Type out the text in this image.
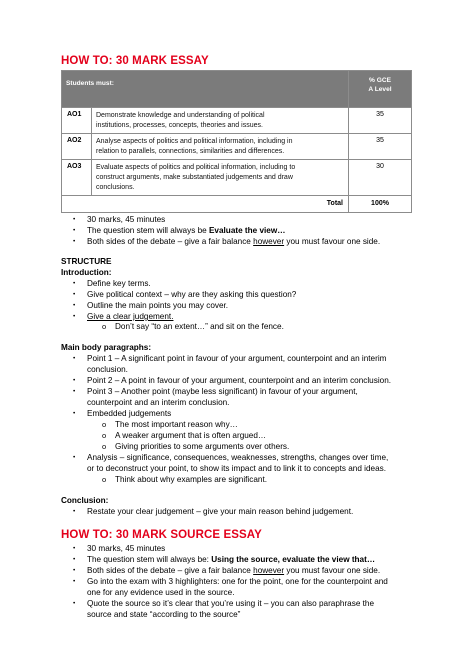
HOW TO: 30 MARK ESSAY
Students must:		% GCE
A Level

AO1	Demonstrate knowledge and understanding of political
institutions, processes, concepts, theories and issues.	35
AO2	Analyse aspects of politics and political information, including in
relation to parallels, connections, similarities and differences.	35
AO3	Evaluate aspects of politics and political information, including to
construct arguments, make substantiated judgements and draw
conclusions.	30
Total		100%
• 30 marks, 45 minutes
• The question stem will always be Evaluate the view…
• Both sides of the debate – give a fair balance however you must favour one side.
STRUCTURE
Introduction:
• Define key terms.
• Give political context – why are they asking this question?
• Outline the main points you may cover.
• Give a clear judgement.
o Don’t say “to an extent…” and sit on the fence.
Main body paragraphs:
• Point 1 – A significant point in favour of your argument, counterpoint and an interim
conclusion.
• Point 2 – A point in favour of your argument, counterpoint and an interim conclusion.
• Point 3 – Another point (maybe less significant) in favour of your argument,
counterpoint and an interim conclusion.
• Embedded judgements
o The most important reason why…
o A weaker argument that is often argued…
o Giving priorities to some arguments over others.
• Analysis – significance, consequences, weaknesses, strengths, changes over time,
or to deconstruct your point, to show its impact and to link it to concepts and ideas.
o Think about why examples are significant.
Conclusion:
• Restate your clear judgement – give your main reason behind judgement.
HOW TO: 30 MARK SOURCE ESSAY
• 30 marks, 45 minutes
• The question stem will always be: Using the source, evaluate the view that…
• Both sides of the debate – give a fair balance however you must favour one side.
• Go into the exam with 3 highlighters: one for the point, one for the counterpoint and
one for any evidence used in the source.
• Quote the source so it’s clear that you’re using it – you can also paraphrase the
source and state “according to the source”
